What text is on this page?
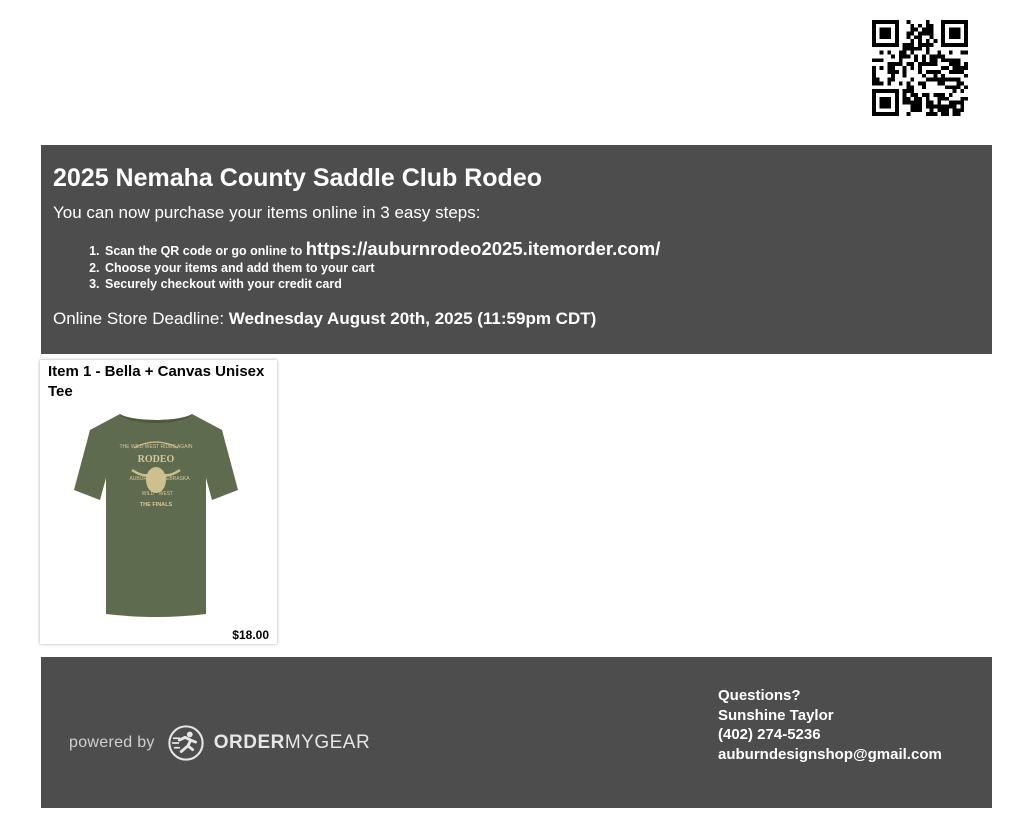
2025 Nemaha County Saddle Club Rodeo
You can now purchase your items online in 3 easy steps:
1. Scan the QR code or go online to https://auburnrodeo2025.itemorder.com/
2. Choose your items and add them to your cart
3. Securely checkout with your credit card
Online Store Deadline: Wednesday August 20th, 2025 (11:59pm CDT)
Item 1 - Bella + Canvas Unisex Tee
THE WILD WEST RIDES AGAIN
RODEO
AUBURN NEBRASKA
WILD WEST
THE FINALS
$18.00
powered by	ORDERMYGEAR
Questions?
Sunshine Taylor
(402) 274-5236
auburndesignshop@gmail.com
